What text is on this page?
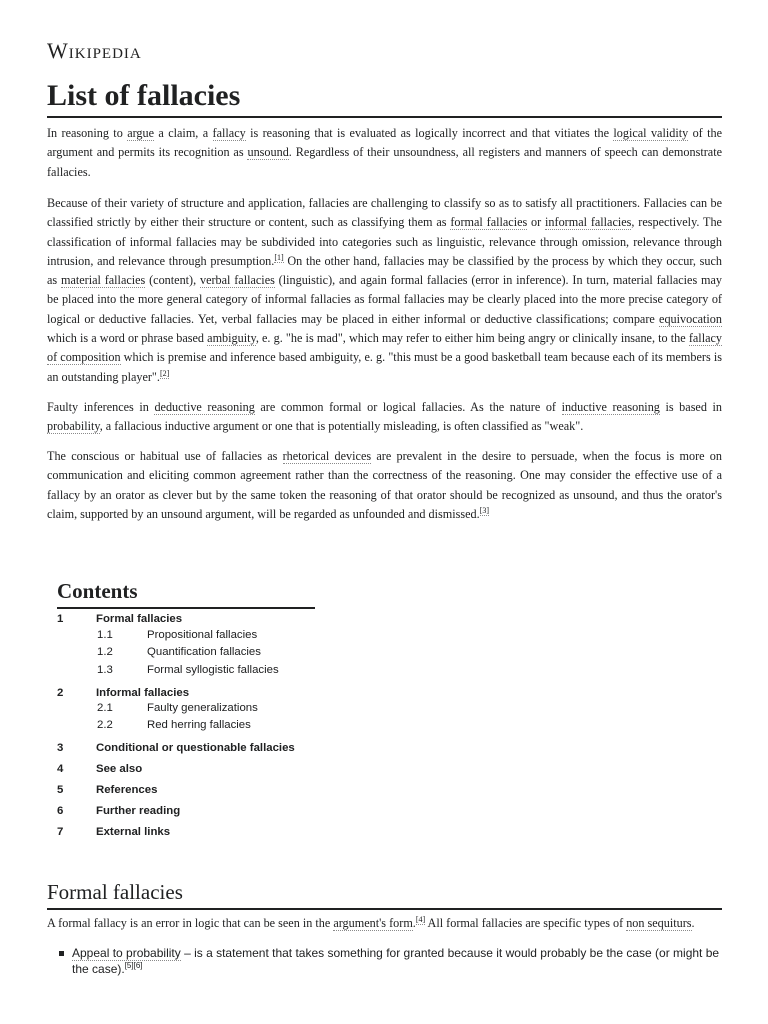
Wikipedia
List of fallacies

In reasoning to argue a claim, a fallacy is reasoning that is evaluated as logically incorrect and that vitiates the logical validity of the argument and permits its recognition as unsound. Regardless of their unsoundness, all registers and manners of speech can demonstrate fallacies.

Because of their variety of structure and application, fallacies are challenging to classify so as to satisfy all practitioners. Fallacies can be classified strictly by either their structure or content, such as classifying them as formal fallacies or informal fallacies, respectively. The classification of informal fallacies may be subdivided into categories such as linguistic, relevance through omission, relevance through intrusion, and relevance through presumption.[1] On the other hand, fallacies may be classified by the process by which they occur, such as material fallacies (content), verbal fallacies (linguistic), and again formal fallacies (error in inference). In turn, material fallacies may be placed into the more general category of informal fallacies as formal fallacies may be clearly placed into the more precise category of logical or deductive fallacies. Yet, verbal fallacies may be placed in either informal or deductive classifications; compare equivocation which is a word or phrase based ambiguity, e. g. "he is mad", which may refer to either him being angry or clinically insane, to the fallacy of composition which is premise and inference based ambiguity, e. g. "this must be a good basketball team because each of its members is an outstanding player".[2]

Faulty inferences in deductive reasoning are common formal or logical fallacies. As the nature of inductive reasoning is based in probability, a fallacious inductive argument or one that is potentially misleading, is often classified as "weak".

The conscious or habitual use of fallacies as rhetorical devices are prevalent in the desire to persuade, when the focus is more on communication and eliciting common agreement rather than the correctness of the reasoning. One may consider the effective use of a fallacy by an orator as clever but by the same token the reasoning of that orator should be recognized as unsound, and thus the orator's claim, supported by an unsound argument, will be regarded as unfounded and dismissed.[3]

Contents
1	Formal fallacies
1.1	Propositional fallacies
1.2	Quantification fallacies
1.3	Formal syllogistic fallacies
2	Informal fallacies
2.1	Faulty generalizations
2.2	Red herring fallacies
3	Conditional or questionable fallacies
4	See also
5	References
6	Further reading
7	External links
Formal fallacies

A formal fallacy is an error in logic that can be seen in the argument's form.[4] All formal fallacies are specific types of non sequiturs.

Appeal to probability – is a statement that takes something for granted because it would probably be the case (or might be the case).[5][6]
